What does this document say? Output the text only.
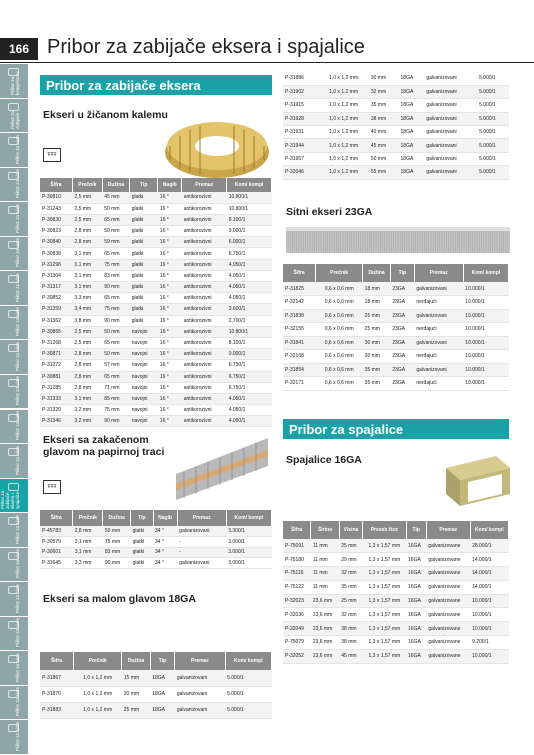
166 Pribor za zabijače eksera i spajalice
Pribor za kompresore
Pribor za zabijače
Pribor za alate
Pribor za alate
Pribor za alate
Pribor za alate
Pribor za alate
Pribor za alate
Pribor za alate
Pribor za alate
Pribor za alate
Pribor za alate
Pribor za zabijače eksera i spajalice
Pribor za alate
Pribor za alate
Pribor za alate
Pribor za alate
Pribor za alate
Pribor za alate
Pribor za alate
Pribor za zabijače eksera
Ekseri u žičanom kalemu
ŦŦŦ
Šifra	Prečnik	Dužina	Tip	Nagib	Premaz	Kom/ kompl
P-30810	2,5 mm	45 mm	glatki	16 °	antikorozivni	10.800/1
P-31243	2,5 mm	50 mm	glatki	16 °	antikorozivni	10.800/1
P-30830	2,5 mm	65 mm	glatki	16 °	antikorozivni	8.100/1
P-30823	2,8 mm	50 mm	glatki	16 °	antikorozivni	9.000/1
P-30840	2,8 mm	59 mm	glatki	16 °	antikorozivni	6.000/1
P-30838	3,1 mm	65 mm	glatki	16 °	antikorozivni	6.750/1
P-31298	3,1 mm	75 mm	glatki	16 °	antikorozivni	4.050/1
P-31304	3,1 mm	83 mm	glatki	16 °	antikorozivni	4.050/1
P-31317	3,1 mm	90 mm	glatki	16 °	antikorozivni	4.050/1
P-30852	3,3 mm	65 mm	glatki	16 °	antikorozivni	4.050/1
P-31359	3,4 mm	75 mm	glatki	16 °	antikorozivni	3.600/1
P-31362	3,8 mm	90 mm	glatki	16 °	antikorozivni	2.700/1
P-30865	2,5 mm	50 mm	navojni	16 °	antikorozivni	10.800/1
P-31268	2,5 mm	65 mm	navojni	16 °	antikorozivni	8.100/1
P-30871	2,8 mm	50 mm	navojni	16 °	antikorozivni	9.000/1
P-31272	2,8 mm	57 mm	navojni	16 °	antikorozivni	6.750/1
P-30881	2,8 mm	65 mm	navojni	16 °	antikorozivni	6.750/1
P-31285	2,8 mm	71 mm	navojni	16 °	antikorozivni	6.750/1
P-31333	3,1 mm	85 mm	navojni	16 °	antikorozivni	4.050/1
P-31320	3,2 mm	75 mm	navojni	16 °	antikorozivni	4.050/1
P-31346	3,2 mm	90 mm	navojni	16 °	antikorozivni	4.050/1
Ekseri sa zakačenom glavom na papirnoj traci
ŦŦŦ
Šifra	Prečnik	Dužina	Tip	Nagib	Premaz	Kom/ kompl
P-45783	2,8 mm	50 mm	glatki	34 °	galvanizovani	3.300/1
P-30579	3,1 mm	75 mm	glatki	34 °	-	3.000/1
P-30601	3,1 mm	83 mm	glatki	34 °	-	3.000/1
P-31645	3,3 mm	90 mm	glatki	34 °	galvanizovani	3.000/1
Ekseri sa malom glavom 18GA
Šifra	Prečnik	Dužina	Tip	Premaz	Kom/ kompl
P-31867	1,0 x 1,2 mm	15 mm	18GA	galvanizovani	5.000/1
P-31870	1,0 x 1,2 mm	20 mm	18GA	galvanizovani	5.000/1
P-31883	1,0 x 1,2 mm	25 mm	18GA	galvanizovani	5.000/1
P-31886	1,0 x 1,2 mm	30 mm	18GA	galvanizovani	5.000/1
P-31902	1,0 x 1,2 mm	32 mm	18GA	galvanizovani	5.000/1
P-31915	1,0 x 1,2 mm	35 mm	18GA	galvanizovani	5.000/1
P-31928	1,0 x 1,2 mm	38 mm	18GA	galvanizovani	5.000/1
P-31931	1,0 x 1,2 mm	40 mm	18GA	galvanizovani	5.000/1
P-31944	1,0 x 1,2 mm	45 mm	18GA	galvanizovani	5.000/1
P-31957	1,0 x 1,2 mm	50 mm	18GA	galvanizovani	5.000/1
P-32046	1,0 x 1,2 mm	55 mm	18GA	galvanizovani	5.000/1
Sitni ekseri 23GA
Šifra	Prečnik	Dužina	Tip	Premaz	Kom/ kompl
P-31825	0,6 x 0,6 mm	18 mm	23GA	galvanizovani	10.000/1
P-32142	0,6 x 0,6 mm	18 mm	23GA	nerđajući	10.000/1
P-31838	0,6 x 0,6 mm	25 mm	23GA	galvanizovani	10.000/1
P-32155	0,6 x 0,6 mm	25 mm	23GA	nerđajući	10.000/1
P-31841	0,6 x 0,6 mm	30 mm	23GA	galvanizovani	10.000/1
P-32168	0,6 x 0,6 mm	30 mm	23GA	nerđajući	10.000/1
P-31854	0,6 x 0,6 mm	35 mm	23GA	galvanizovani	10.000/1
P-32171	0,6 x 0,6 mm	35 mm	23GA	nerđajući	10.000/1
Pribor za spajalice
Spajalice 16GA
Šifra	Širina	Visina	Presek žice	Tip	Premaz	Kom/ kompl
P-75091	11 mm	25 mm	1,3 x 1,57 mm	16GA	galvanizovane	28.000/1
P-75180	11 mm	29 mm	1,3 x 1,57 mm	16GA	galvanizovane	14.000/1
P-75116	11 mm	32 mm	1,3 x 1,57 mm	16GA	galvanizovane	14.000/1
P-75122	11 mm	35 mm	1,3 x 1,57 mm	16GA	galvanizovane	14.000/1
P-32023	23,6 mm	25 mm	1,3 x 1,57 mm	16GA	galvanizovane	10.000/1
P-32036	23,6 mm	32 mm	1,3 x 1,57 mm	16GA	galvanizovane	10.000/1
P-32049	23,6 mm	38 mm	1,3 x 1,57 mm	16GA	galvanizovane	10.000/1
P-75079	23,6 mm	38 mm	1,3 x 1,57 mm	16GA	galvanizovane	9.200/1
P-32052	23,6 mm	45 mm	1,3 x 1,57 mm	16GA	galvanizovane	10.000/1
